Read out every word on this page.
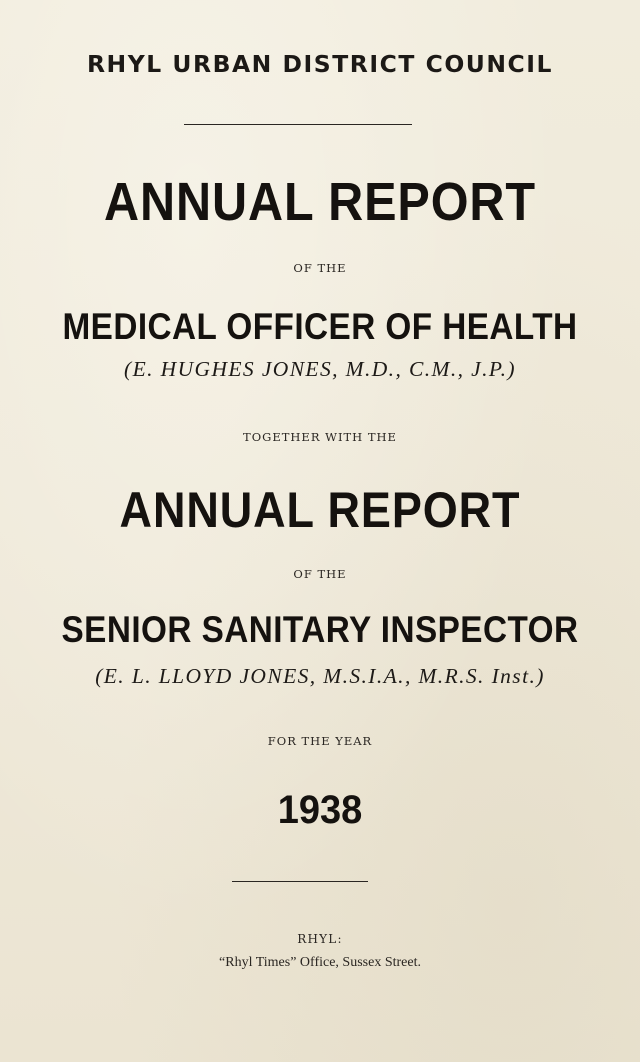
RHYL URBAN DISTRICT COUNCIL
ANNUAL REPORT
OF THE
MEDICAL OFFICER OF HEALTH
(E. HUGHES JONES, M.D., C.M., J.P.)
TOGETHER WITH THE
ANNUAL REPORT
OF THE
SENIOR SANITARY INSPECTOR
(E. L. LLOYD JONES, M.S.I.A., M.R.S. Inst.)
FOR THE YEAR
1938
RHYL:
“Rhyl Times” Office, Sussex Street.
